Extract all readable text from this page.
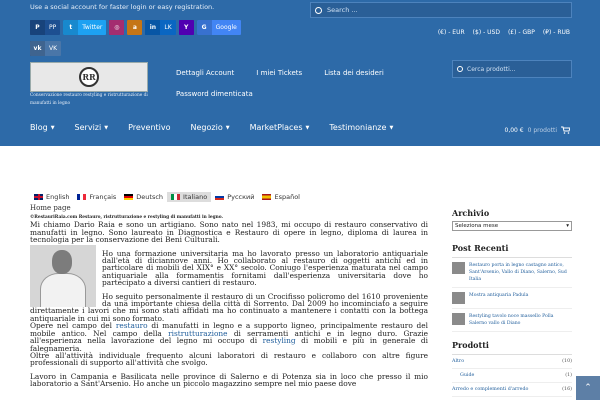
Use a social account for faster login or easy registration.
P	PP	t	Twitter	◎	a	in	LK	Y	G	Google
vk	VK
Search ...
(€) - EUR ($) - USD (£) - GBP (₽) - RUB
RR
Conservazione restauro restyling e ristrutturazione di manufatti in legno
Dettagli Account	I miei Tickets	Lista dei desideri
Password dimenticata
Cerca prodotti...
Blog ▼	Servizi ▼	Preventivo	Negozio ▼	MarketPlaces ▼	Testimonianze ▼	0,00 € 0 prodotti
English	Français	Deutsch	Italiano	Русский	Español
Home page
©RestauriRaia.com Restauro, ristrutturazione e restyling di manufatti in legno.

Mi chiamo Dario Raia e sono un artigiano. Sono nato nel 1983, mi occupo di restauro conservativo di manufatti in legno. Sono laureato in Diagnostica e Restauro di opere in legno, diploma di laurea in tecnologia per la conservazione dei Beni Culturali.

Ho una formazione universitaria ma ho lavorato presso un laboratorio antiquariale dall'età di diciannove anni. Ho collaborato al restauro di oggetti antichi ed in particolare di mobili del XIX° e XX° secolo. Coniugo l'esperienza maturata nel campo antiquariale alla formamentis fornitami dall'esperienza universitaria dove ho partecipato a diversi cantieri di restauro.

Ho seguito personalmente il restauro di un Crocifisso policromo del 1610 proveniente da una importante chiesa della città di Sorrento. Dal 2009 ho incominciato a seguire direttamente i lavori che mi sono stati affidati ma ho continuato a mantenere i contatti con la bottega antiquariale in cui mi sono formato.

Opere nel campo del restauro di manufatti in legno e a supporto ligneo, principalmente restauro del mobile antico. Nel campo della ristrutturazione di serramenti antichi e in legno duro. Grazie all'esperienza nella lavorazione del legno mi occupo di restyling di mobili e più in generale di falegnameria.

Oltre all'attività individuale frequento alcuni laboratori di restauro e collaboro con altre figure professionali di supporto all'attività che svolgo.

Lavoro in Campania e Basilicata nelle province di Salerno e di Potenza sia in loco che presso il mio laboratorio a Sant'Arsenio. Ho anche un piccolo magazzino sempre nel mio paese dove

Archivio
Seleziona mese	▾
Post Recenti
Restauro porta in legno castagno antico, Sant'Arsenio, Vallo di Diano, Salerno, Sud Italia
Mostra antiquaria Padula
Restyling tavolo noce massello Polla Salerno vallo di Diano
Prodotti
Altro	(10)
Guide	(1)
Arredo e complementi d'arredo	(16) ⌃
